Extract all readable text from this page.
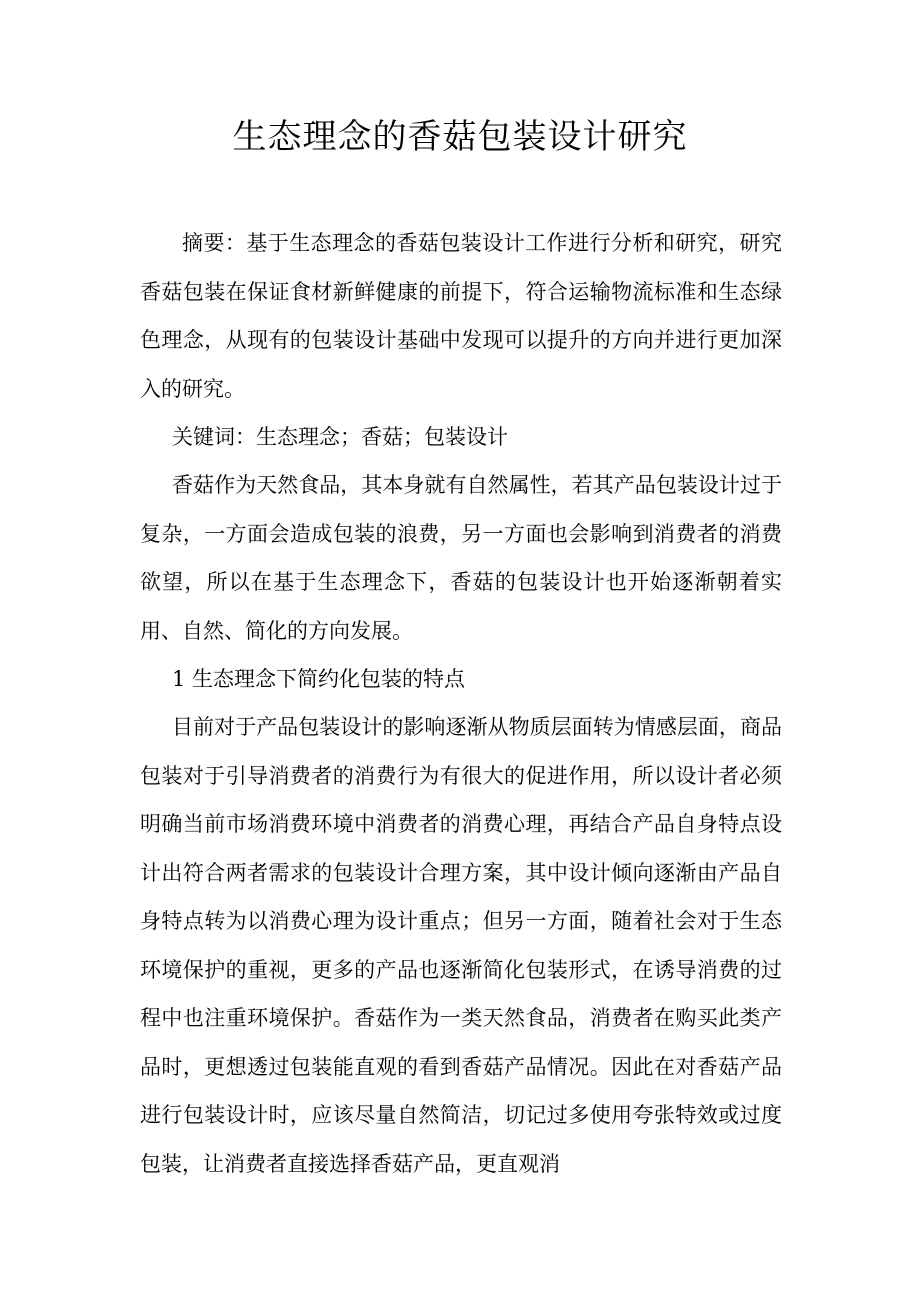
生态理念的香菇包装设计研究

摘要：基于生态理念的香菇包装设计工作进行分析和研究，研究香菇包装在保证食材新鲜健康的前提下，符合运输物流标准和生态绿色理念，从现有的包装设计基础中发现可以提升的方向并进行更加深入的研究。

关键词：生态理念；香菇；包装设计

香菇作为天然食品，其本身就有自然属性，若其产品包装设计过于复杂，一方面会造成包装的浪费，另一方面也会影响到消费者的消费欲望，所以在基于生态理念下，香菇的包装设计也开始逐渐朝着实用、自然、简化的方向发展。

1 生态理念下简约化包装的特点

目前对于产品包装设计的影响逐渐从物质层面转为情感层面，商品包装对于引导消费者的消费行为有很大的促进作用，所以设计者必须明确当前市场消费环境中消费者的消费心理，再结合产品自身特点设计出符合两者需求的包装设计合理方案，其中设计倾向逐渐由产品自身特点转为以消费心理为设计重点；但另一方面，随着社会对于生态环境保护的重视，更多的产品也逐渐简化包装形式，在诱导消费的过程中也注重环境保护。香菇作为一类天然食品，消费者在购买此类产品时，更想透过包装能直观的看到香菇产品情况。因此在对香菇产品进行包装设计时，应该尽量自然简洁，切记过多使用夸张特效或过度包装，让消费者直接选择香菇产品，更直观消
